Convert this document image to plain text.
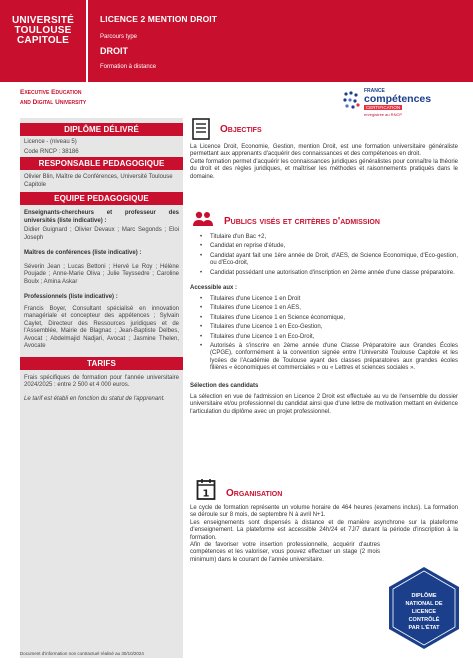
UNIVERSITÉ
TOULOUSE
CAPITOLE
LICENCE 2 MENTION DROIT
Parcours type
DROIT
Formation à distance
Executive Education
and Digital University
FRANCE
compétences
CERTIFICATION
enregistrée au RNCP
DIPLÔME DÉLIVRÉ
Licence - (niveau 5)
Code RNCP : 38186
RESPONSABLE PEDAGOGIQUE
Olivier Blin, Maître de Conférences, Université Toulouse Capitole
EQUIPE PEDAGOGIQUE
Enseignants-chercheurs et professeur des universités (liste indicative) :
Didier Guignard ; Olivier Devaux ; Marc Segonds ; Eloi Joseph
Maîtres de conférences (liste indicative) :
Séverin Jean ; Lucas Bettoni ; Hervé Le Roy ; Hélène Poujade ; Anne-Marie Oliva ; Julie Teyssedre ; Caroline Boulx ; Amina Askar
Professionnels (liste indicative) :
Francis Boyer, Consultant spécialisé en innovation managériale et concepteur des appétences ; Sylvain Caylet, Directeur des Ressources juridiques et de l'Assemblée, Mairie de Blagnac ; Jean-Baptiste Delbes, Avocat ; Abdelmajid Nadjari, Avocat ; Jasmine Thelen, Avocate
TARIFS
Frais spécifiques de formation pour l'année universitaire 2024/2025 : entre 2 500 et 4 000 euros.
Le tarif est établi en fonction du statut de l'apprenant.
Objectifs
La Licence Droit, Economie, Gestion, mention Droit, est une formation universitaire généraliste permettant aux apprenants d'acquérir des connaissances et des compétences en droit.
Cette formation permet d'acquérir les connaissances juridiques généralistes pour connaître la théorie du droit et des règles juridiques, et maîtriser les méthodes et raisonnements pratiqués dans le domaine.
Publics visés et critères d'admission
• Titulaire d'un Bac +2,
• Candidat en reprise d'étude,
• Candidat ayant fait une 1ère année de Droit, d'AES, de Science Economique, d'Eco-gestion, ou d'Eco-droit,
• Candidat possédant une autorisation d'inscription en 2ème année d'une classe préparatoire.
Accessible aux :
• Titulaires d'une Licence 1 en Droit
• Titulaires d'une Licence 1 en AES,
• Titulaires d'une Licence 1 en Science économique,
• Titulaires d'une Licence 1 en Eco-Gestion,
• Titulaires d'une Licence 1 en Eco-Droit,
• Autorisés à s'inscrire en 2ème année d'une Classe Préparatoire aux Grandes Écoles (CPGE), conformément à la convention signée entre l'Université Toulouse Capitole et les lycées de l'Académie de Toulouse ayant des classes préparatoires aux grandes écoles filières « économiques et commerciales » ou « Lettres et sciences sociales ».
Sélection des candidats
La sélection en vue de l'admission en Licence 2 Droit est effectuée au vu de l'ensemble du dossier universitaire et/ou professionnel du candidat ainsi que d'une lettre de motivation mettant en évidence l'articulation du diplôme avec un projet professionnel.
1 Organisation
Le cycle de formation représente un volume horaire de 464 heures (examens inclus). La formation se déroule sur 8 mois, de septembre N à avril N+1.
Les enseignements sont dispensés à distance et de manière asynchrone sur la plateforme d'enseignement. La plateforme est accessible 24h/24 et 7J/7 durant la période d'inscription à la formation.
Afin de favoriser votre insertion professionnelle, acquérir d'autres compétences et les valoriser, vous pouvez effectuer un stage (2 mois minimum) dans le courant de l'année universitaire.
DIPLÔME
NATIONAL DE
LICENCE
CONTRÔLÉ
PAR L'ÉTAT
Document d'information non contractuel réalisé au 30/10/2024
